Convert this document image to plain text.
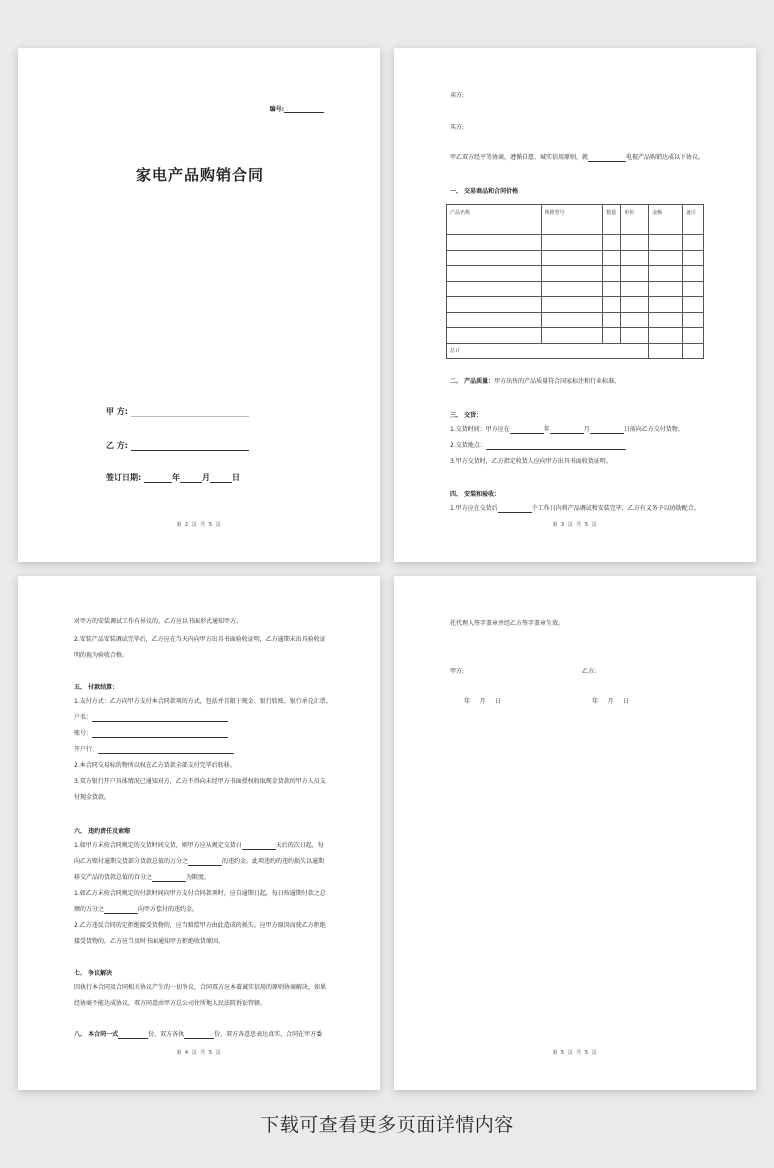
编号:
家电产品购销合同
甲 方:
乙 方:
签订日期:	年	月	日
第 2 页 共 5 页
卖方:
买方:
甲乙双方经平等协商，遵循自愿、城实信用原则，就	电视产品购销达成以下协议。
一、 交易商品和合同价格
产品名称	规格型号	数量	单价	金额	备注

总计					
二、 产品质量：甲方出售的产品质量符合国家标注和行业标准。
三、 交货：
1.交货时间：甲方应在	年	月	日前向乙方交付货物。
2.交货地点：
3.甲方交货时，乙方指定收货人应向甲方出具书面收货证明。
四、 安装和验收：
1.甲方应在交货后	个工作日内将产品调试和安装完毕，乙方有义务予以协助配合。
第 3 页 共 5 页
对甲方的安装调试工作有异议的，乙方应以书面形式通知甲方。
2.安装产品安装调试完毕后，乙方应在当天内向甲方出具书面验收证明，乙方逾期未出具验收证
明的视为验收合格。
五、 付款结算：
1.支付方式：乙方向甲方支付本合同款项的方式，包括并且限于现金、银行转账、银行承兑汇票。
户名：
账号：
开户行：
2.本合同交易标的物所以权在乙方货款全部支付完毕后转移。
3.双方银行开户具体情况已通知对方，乙方不得向未经甲方书面授权收取现金货款的甲方人员支
付现金货款。
六、 违约责任及索赔
1.如甲方未按合同规定的交货时间交货，则甲方应从规定交货日	天后的次日起，每
向乙方赔付逾期交货部分货款总值的万分之	的违约金。此项违约的违约损失以逾期
移交产品的货款总值的百分之	为限度。
1.如乙方未按合同规定的付款时间向甲方支付合同款项时，应自逾期日起，每日按逾期付款之总
额的万分之	向甲方偿付的违约金。
2.乙方违反合同的定拒绝接受货物的，应当赔偿甲方由此造成的损失。应甲方原因而使乙方拒绝
接受货物的，乙方应当及时书面通知甲方拒绝收货原因。
七、 争议解决
因执行本合同及合同相关协议产生的一切争议，合同双方应本着诚实信用的原则协商解决，如果
经协商不能达成协议，双方同意由甲方总公司住所地人民法院诉讼管辖。
八、 本合同一式	份，双方各执	份，双方各意思表达真实，合同在甲方委
第 4 页 共 5 页
托代理人签字盖章并经乙方签字盖章生效。
甲方:	乙方:
年     月     日	年     月     日
第 5 页 共 5 页
下载可查看更多页面详情内容
